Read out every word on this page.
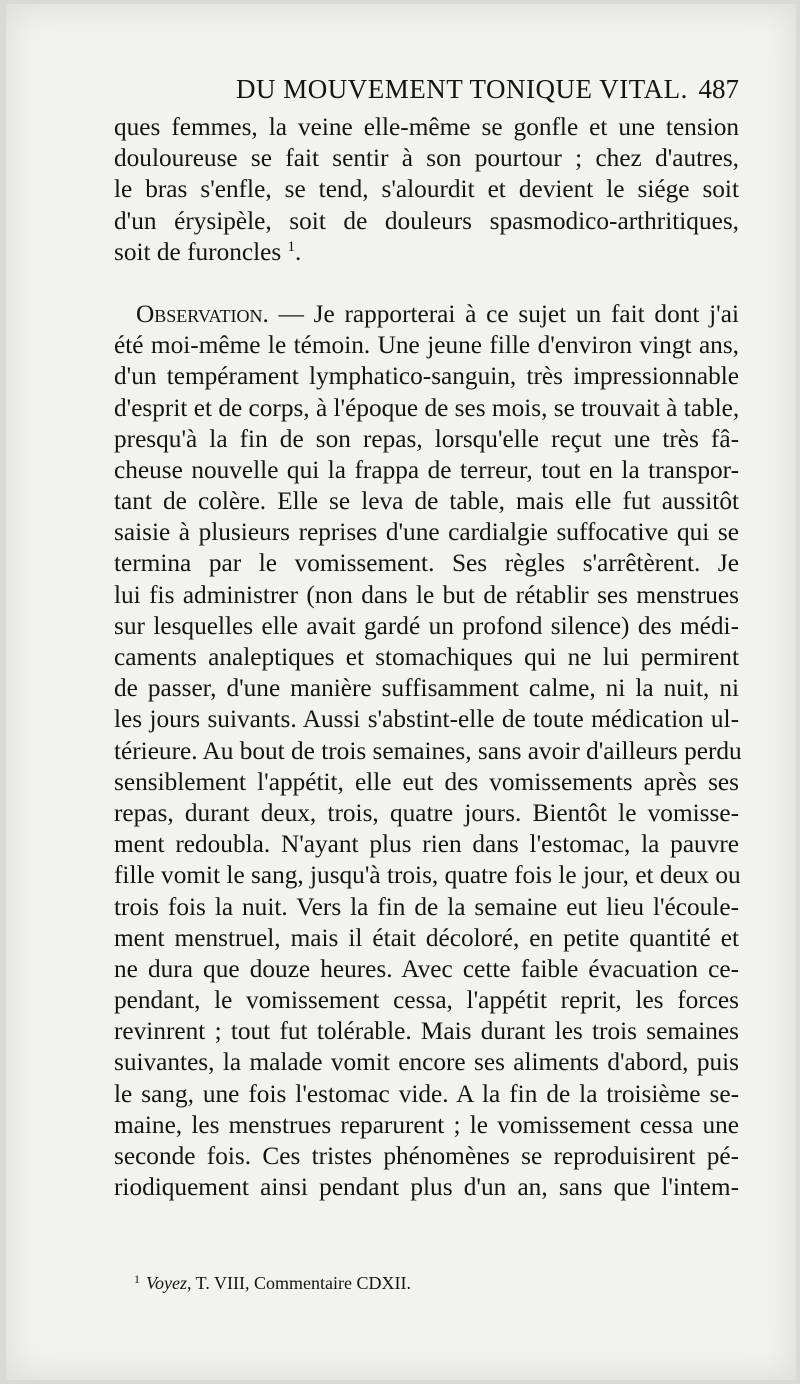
DU MOUVEMENT TONIQUE VITAL. 487
ques femmes, la veine elle-même se gonfle et une tension
douloureuse se fait sentir à son pourtour ; chez d'autres,
le bras s'enfle, se tend, s'alourdit et devient le siége soit
d'un érysipèle, soit de douleurs spasmodico-arthritiques,
soit de furoncles $^1$.
Observation. — Je rapporterai à ce sujet un fait dont j'ai
été moi-même le témoin. Une jeune fille d'environ vingt ans,
d'un tempérament lymphatico-sanguin, très impressionnable
d'esprit et de corps, à l'époque de ses mois, se trouvait à table,
presqu'à la fin de son repas, lorsqu'elle reçut une très fâ-
cheuse nouvelle qui la frappa de terreur, tout en la transpor-
tant de colère. Elle se leva de table, mais elle fut aussitôt
saisie à plusieurs reprises d'une cardialgie suffocative qui se
termina par le vomissement. Ses règles s'arrêtèrent. Je
lui fis administrer (non dans le but de rétablir ses menstrues
sur lesquelles elle avait gardé un profond silence) des médi-
caments analeptiques et stomachiques qui ne lui permirent
de passer, d'une manière suffisamment calme, ni la nuit, ni
les jours suivants. Aussi s'abstint-elle de toute médication ul-
térieure. Au bout de trois semaines, sans avoir d'ailleurs perdu
sensiblement l'appétit, elle eut des vomissements après ses
repas, durant deux, trois, quatre jours. Bientôt le vomisse-
ment redoubla. N'ayant plus rien dans l'estomac, la pauvre
fille vomit le sang, jusqu'à trois, quatre fois le jour, et deux ou
trois fois la nuit. Vers la fin de la semaine eut lieu l'écoule-
ment menstruel, mais il était décoloré, en petite quantité et
ne dura que douze heures. Avec cette faible évacuation ce-
pendant, le vomissement cessa, l'appétit reprit, les forces
revinrent ; tout fut tolérable. Mais durant les trois semaines
suivantes, la malade vomit encore ses aliments d'abord, puis
le sang, une fois l'estomac vide. A la fin de la troisième se-
maine, les menstrues reparurent ; le vomissement cessa une
seconde fois. Ces tristes phénomènes se reproduisirent pé-
riodiquement ainsi pendant plus d'un an, sans que l'intem-
$^1$ Voyez, T. VIII, Commentaire CDXII.
